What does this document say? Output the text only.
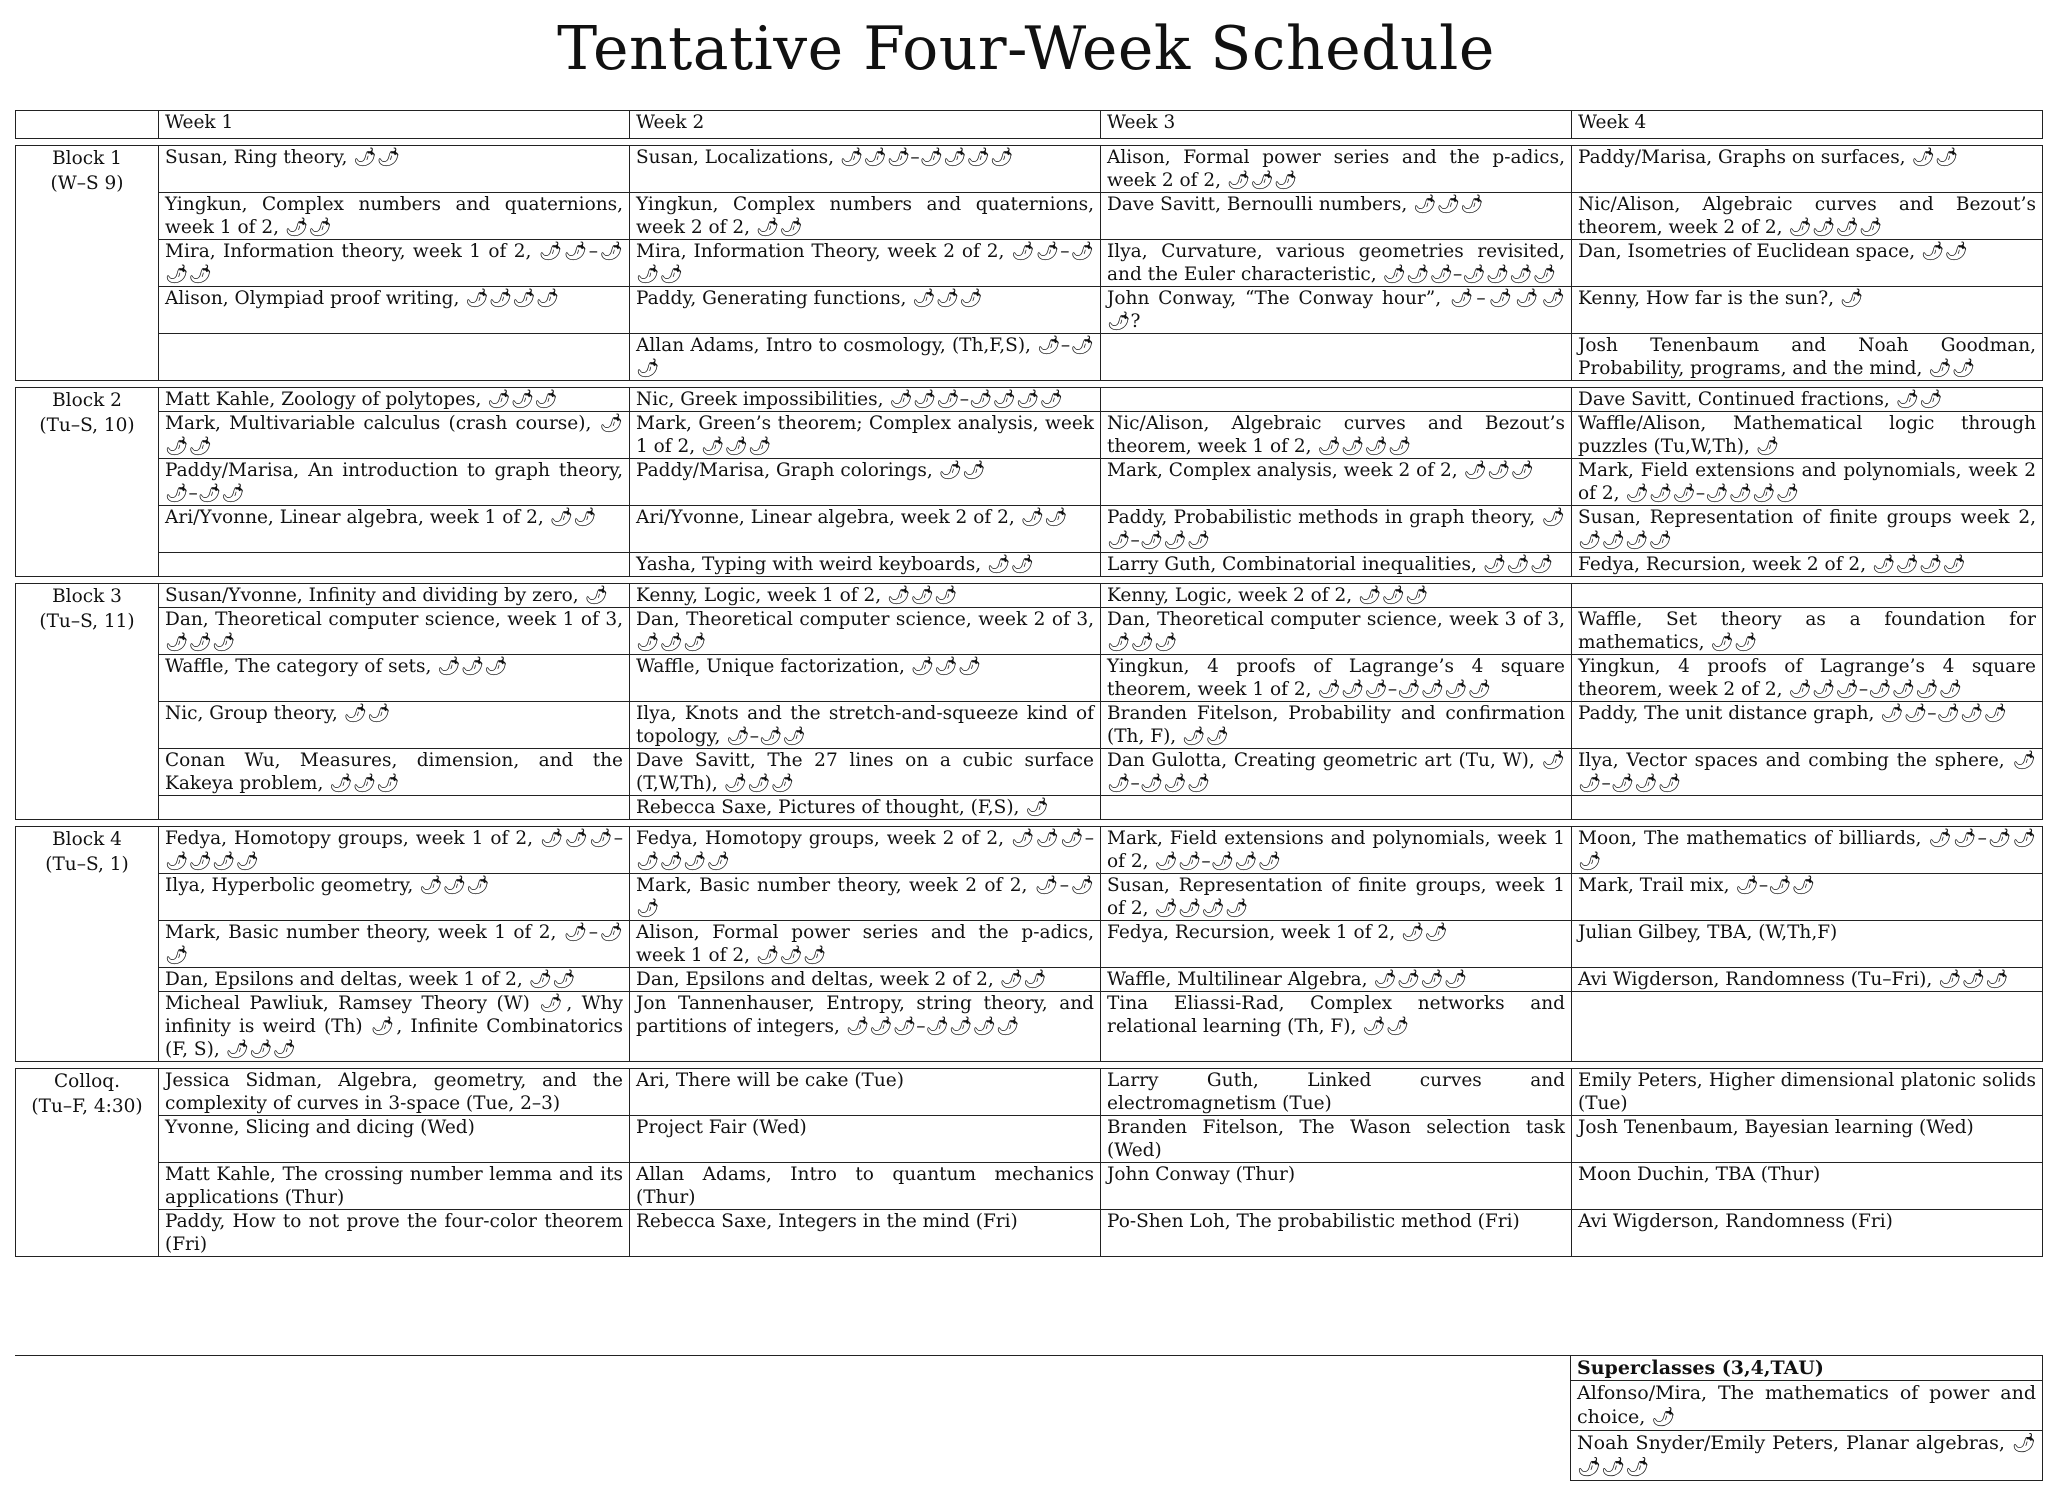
Tentative Four-Week Schedule
	Week 1	Week 2	Week 3	Week 4

Block 1
(W–S 9)	Susan, Ring theory, 🌶🌶	Susan, Localizations, 🌶🌶🌶–🌶🌶🌶🌶	Alison, Formal power series and the p-adics, week 2 of 2, 🌶🌶🌶	Paddy/Marisa, Graphs on surfaces, 🌶🌶
	Yingkun, Complex numbers and quaternions, week 1 of 2, 🌶🌶	Yingkun, Complex numbers and quaternions, week 2 of 2, 🌶🌶	Dave Savitt, Bernoulli numbers, 🌶🌶🌶	Nic/Alison, Algebraic curves and Bezout’s theorem, week 2 of 2, 🌶🌶🌶🌶
	Mira, Information theory, week 1 of 2, 🌶🌶–🌶🌶🌶	Mira, Information Theory, week 2 of 2, 🌶🌶–🌶🌶🌶	Ilya, Curvature, various geometries revisited, and the Euler characteristic, 🌶🌶🌶–🌶🌶🌶🌶	Dan, Isometries of Euclidean space, 🌶🌶
	Alison, Olympiad proof writing, 🌶🌶🌶🌶	Paddy, Generating functions, 🌶🌶🌶	John Conway, “The Conway hour”, 🌶–🌶🌶🌶🌶?	Kenny, How far is the sun?, 🌶
		Allan Adams, Intro to cosmology, (Th,F,S), 🌶–🌶🌶		Josh Tenenbaum and Noah Goodman, Probability, programs, and the mind, 🌶🌶

Block 2
(Tu–S, 10)	Matt Kahle, Zoology of polytopes, 🌶🌶🌶	Nic, Greek impossibilities, 🌶🌶🌶–🌶🌶🌶🌶		Dave Savitt, Continued fractions, 🌶🌶
	Mark, Multivariable calculus (crash course), 🌶🌶🌶	Mark, Green’s theorem; Complex analysis, week 1 of 2, 🌶🌶🌶	Nic/Alison, Algebraic curves and Bezout’s theorem, week 1 of 2, 🌶🌶🌶🌶	Waffle/Alison, Mathematical logic through puzzles (Tu,W,Th), 🌶
	Paddy/Marisa, An introduction to graph theory, 🌶–🌶🌶	Paddy/Marisa, Graph colorings, 🌶🌶	Mark, Complex analysis, week 2 of 2, 🌶🌶🌶	Mark, Field extensions and polynomials, week 2 of 2, 🌶🌶🌶–🌶🌶🌶🌶
	Ari/Yvonne, Linear algebra, week 1 of 2, 🌶🌶	Ari/Yvonne, Linear algebra, week 2 of 2, 🌶🌶	Paddy, Probabilistic methods in graph theory, 🌶🌶–🌶🌶🌶	Susan, Representation of finite groups week 2, 🌶🌶🌶🌶
		Yasha, Typing with weird keyboards, 🌶🌶	Larry Guth, Combinatorial inequalities, 🌶🌶🌶	Fedya, Recursion, week 2 of 2, 🌶🌶🌶🌶

Block 3
(Tu–S, 11)	Susan/Yvonne, Infinity and dividing by zero, 🌶	Kenny, Logic, week 1 of 2, 🌶🌶🌶	Kenny, Logic, week 2 of 2, 🌶🌶🌶	
	Dan, Theoretical computer science, week 1 of 3, 🌶🌶🌶	Dan, Theoretical computer science, week 2 of 3, 🌶🌶🌶	Dan, Theoretical computer science, week 3 of 3, 🌶🌶🌶	Waffle, Set theory as a foundation for mathematics, 🌶🌶
	Waffle, The category of sets, 🌶🌶🌶	Waffle, Unique factorization, 🌶🌶🌶	Yingkun, 4 proofs of Lagrange’s 4 square theorem, week 1 of 2, 🌶🌶🌶–🌶🌶🌶🌶	Yingkun, 4 proofs of Lagrange’s 4 square theorem, week 2 of 2, 🌶🌶🌶–🌶🌶🌶🌶
	Nic, Group theory, 🌶🌶	Ilya, Knots and the stretch-and-squeeze kind of topology, 🌶–🌶🌶	Branden Fitelson, Probability and confirmation (Th, F), 🌶🌶	Paddy, The unit distance graph, 🌶🌶–🌶🌶🌶
	Conan Wu, Measures, dimension, and the Kakeya problem, 🌶🌶🌶	Dave Savitt, The 27 lines on a cubic surface (T,W,Th), 🌶🌶🌶	Dan Gulotta, Creating geometric art (Tu, W), 🌶🌶–🌶🌶🌶	Ilya, Vector spaces and combing the sphere, 🌶🌶–🌶🌶🌶
		Rebecca Saxe, Pictures of thought, (F,S), 🌶		

Block 4
(Tu–S, 1)	Fedya, Homotopy groups, week 1 of 2, 🌶🌶🌶–🌶🌶🌶🌶	Fedya, Homotopy groups, week 2 of 2, 🌶🌶🌶–🌶🌶🌶🌶	Mark, Field extensions and polynomials, week 1 of 2, 🌶🌶–🌶🌶🌶	Moon, The mathematics of billiards, 🌶🌶–🌶🌶🌶
	Ilya, Hyperbolic geometry, 🌶🌶🌶	Mark, Basic number theory, week 2 of 2, 🌶–🌶🌶	Susan, Representation of finite groups, week 1 of 2, 🌶🌶🌶🌶	Mark, Trail mix, 🌶–🌶🌶
	Mark, Basic number theory, week 1 of 2, 🌶–🌶🌶	Alison, Formal power series and the p-adics, week 1 of 2, 🌶🌶🌶	Fedya, Recursion, week 1 of 2, 🌶🌶	Julian Gilbey, TBA, (W,Th,F)
	Dan, Epsilons and deltas, week 1 of 2, 🌶🌶	Dan, Epsilons and deltas, week 2 of 2, 🌶🌶	Waffle, Multilinear Algebra, 🌶🌶🌶🌶	Avi Wigderson, Randomness (Tu–Fri), 🌶🌶🌶
	Micheal Pawliuk, Ramsey Theory (W) 🌶, Why infinity is weird (Th) 🌶, Infinite Combinatorics (F, S), 🌶🌶🌶	Jon Tannenhauser, Entropy, string theory, and partitions of integers, 🌶🌶🌶–🌶🌶🌶🌶	Tina Eliassi-Rad, Complex networks and relational learning (Th, F), 🌶🌶	

Colloq.
(Tu–F, 4:30)	Jessica Sidman, Algebra, geometry, and the complexity of curves in 3-space (Tue, 2–3)	Ari, There will be cake (Tue)	Larry Guth, Linked curves and electromagnetism (Tue)	Emily Peters, Higher dimensional platonic solids (Tue)
	Yvonne, Slicing and dicing (Wed)	Project Fair (Wed)	Branden Fitelson, The Wason selection task (Wed)	Josh Tenenbaum, Bayesian learning (Wed)
	Matt Kahle, The crossing number lemma and its applications (Thur)	Allan Adams, Intro to quantum mechanics (Thur)	John Conway (Thur)	Moon Duchin, TBA (Thur)
	Paddy, How to not prove the four-color theorem (Fri)	Rebecca Saxe, Integers in the mind (Fri)	Po-Shen Loh, The probabilistic method (Fri)	Avi Wigderson, Randomness (Fri)
Superclasses (3,4,TAU)
Alfonso/Mira, The mathematics of power and choice, 🌶
Noah Snyder/Emily Peters, Planar algebras, 🌶🌶🌶🌶
